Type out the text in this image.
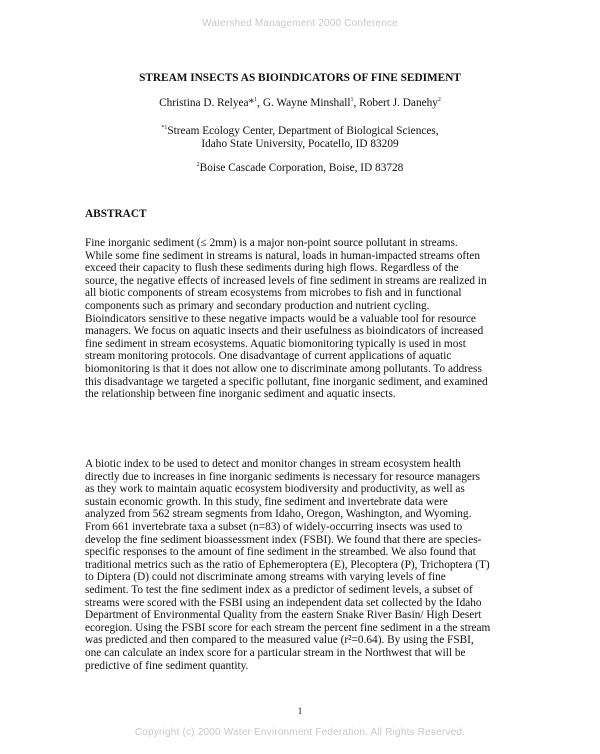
Watershed Management 2000 Conference
STREAM INSECTS AS BIOINDICATORS OF FINE SEDIMENT
Christina D. Relyea*$^1$, G. Wayne Minshall$^1$, Robert J. Danehy$^2$
$^{*1}$Stream Ecology Center, Department of Biological Sciences,
Idaho State University, Pocatello, ID 83209
$^2$Boise Cascade Corporation, Boise, ID 83728
ABSTRACT
Fine inorganic sediment (≤ 2mm) is a major non-point source pollutant in streams.
While some fine sediment in streams is natural, loads in human-impacted streams often
exceed their capacity to flush these sediments during high flows. Regardless of the
source, the negative effects of increased levels of fine sediment in streams are realized in
all biotic components of stream ecosystems from microbes to fish and in functional
components such as primary and secondary production and nutrient cycling.
Bioindicators sensitive to these negative impacts would be a valuable tool for resource
managers. We focus on aquatic insects and their usefulness as bioindicators of increased
fine sediment in stream ecosystems. Aquatic biomonitoring typically is used in most
stream monitoring protocols. One disadvantage of current applications of aquatic
biomonitoring is that it does not allow one to discriminate among pollutants. To address
this disadvantage we targeted a specific pollutant, fine inorganic sediment, and examined
the relationship between fine inorganic sediment and aquatic insects.
A biotic index to be used to detect and monitor changes in stream ecosystem health
directly due to increases in fine inorganic sediments is necessary for resource managers
as they work to maintain aquatic ecosystem biodiversity and productivity, as well as
sustain economic growth. In this study, fine sediment and invertebrate data were
analyzed from 562 stream segments from Idaho, Oregon, Washington, and Wyoming.
From 661 invertebrate taxa a subset (n=83) of widely-occurring insects was used to
develop the fine sediment bioassessment index (FSBI). We found that there are species-
specific responses to the amount of fine sediment in the streambed. We also found that
traditional metrics such as the ratio of Ephemeroptera (E), Plecoptera (P), Trichoptera (T)
to Diptera (D) could not discriminate among streams with varying levels of fine
sediment. To test the fine sediment index as a predictor of sediment levels, a subset of
streams were scored with the FSBI using an independent data set collected by the Idaho
Department of Environmental Quality from the eastern Snake River Basin/ High Desert
ecoregion. Using the FSBI score for each stream the percent fine sediment in a the stream
was predicted and then compared to the measured value (r²=0.64). By using the FSBI,
one can calculate an index score for a particular stream in the Northwest that will be
predictive of fine sediment quantity.
1
Copyright (c) 2000 Water Environment Federation. All Rights Reserved.
